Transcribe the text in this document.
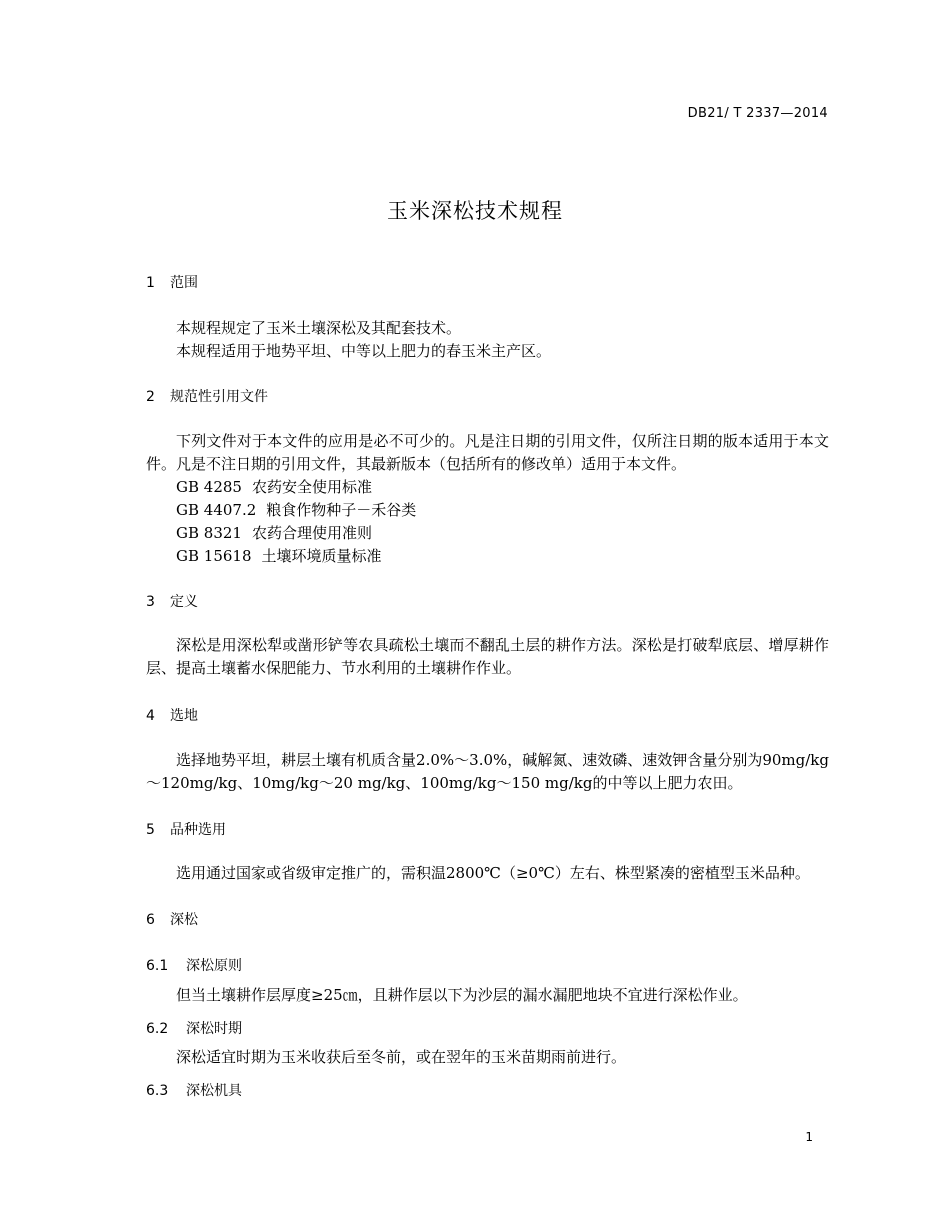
DB21/ T 2337—2014
玉米深松技术规程
1 范围
本规程规定了玉米土壤深松及其配套技术。
本规程适用于地势平坦、中等以上肥力的春玉米主产区。
2 规范性引用文件
下列文件对于本文件的应用是必不可少的。凡是注日期的引用文件，仅所注日期的版本适用于本文件。凡是不注日期的引用文件，其最新版本（包括所有的修改单）适用于本文件。
GB 4285 农药安全使用标准
GB 4407.2 粮食作物种子－禾谷类
GB 8321 农药合理使用准则
GB 15618 土壤环境质量标准
3 定义
深松是用深松犁或凿形铲等农具疏松土壤而不翻乱土层的耕作方法。深松是打破犁底层、增厚耕作层、提高土壤蓄水保肥能力、节水利用的土壤耕作作业。
4 选地
选择地势平坦，耕层土壤有机质含量2.0%～3.0%，碱解氮、速效磷、速效钾含量分别为90mg/kg～120mg/kg、10mg/kg～20 mg/kg、100mg/kg～150 mg/kg的中等以上肥力农田。
5 品种选用
选用通过国家或省级审定推广的，需积温2800℃（≥0℃）左右、株型紧凑的密植型玉米品种。
6 深松
6.1 深松原则
但当土壤耕作层厚度≥25㎝，且耕作层以下为沙层的漏水漏肥地块不宜进行深松作业。
6.2 深松时期
深松适宜时期为玉米收获后至冬前，或在翌年的玉米苗期雨前进行。
6.3 深松机具
1
